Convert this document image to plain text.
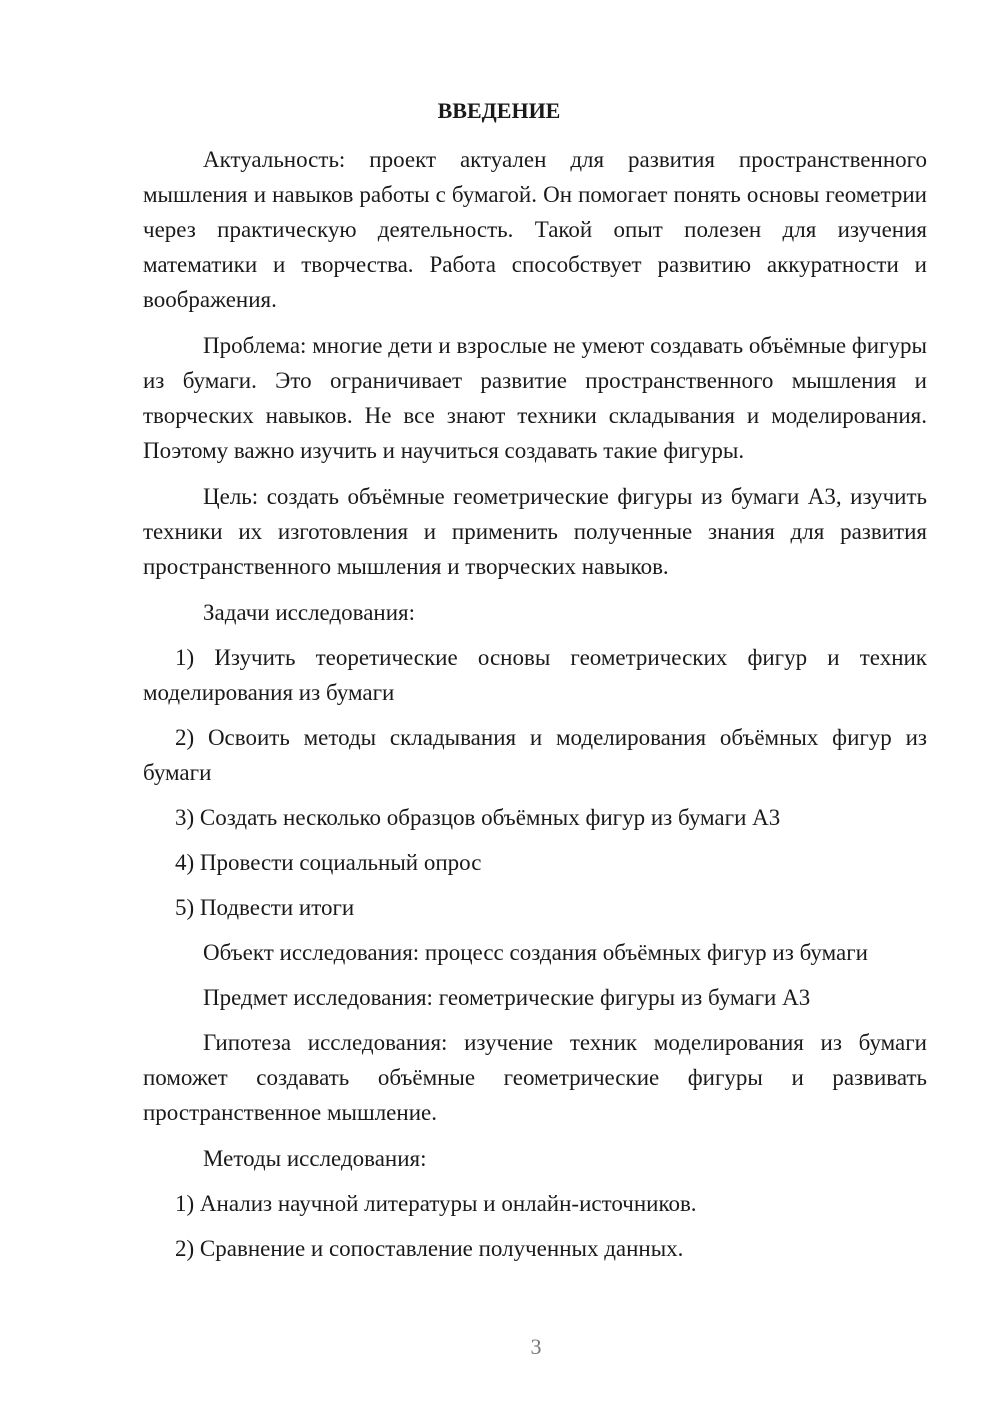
ВВЕДЕНИЕ

Актуальность: проект актуален для развития пространственного мышления и навыков работы с бумагой. Он помогает понять основы геометрии через практическую деятельность. Такой опыт полезен для изучения математики и творчества. Работа способствует развитию аккуратности и воображения.

Проблема: многие дети и взрослые не умеют создавать объёмные фигуры из бумаги. Это ограничивает развитие пространственного мышления и творческих навыков. Не все знают техники складывания и моделирования. Поэтому важно изучить и научиться создавать такие фигуры.

Цель: создать объёмные геометрические фигуры из бумаги А3, изучить техники их изготовления и применить полученные знания для развития пространственного мышления и творческих навыков.

Задачи исследования:

1) Изучить теоретические основы геометрических фигур и техник моделирования из бумаги

2) Освоить методы складывания и моделирования объёмных фигур из бумаги

3) Создать несколько образцов объёмных фигур из бумаги А3

4) Провести социальный опрос

5) Подвести итоги

Объект исследования: процесс создания объёмных фигур из бумаги

Предмет исследования: геометрические фигуры из бумаги А3

Гипотеза исследования: изучение техник моделирования из бумаги поможет создавать объёмные геометрические фигуры и развивать пространственное мышление.

Методы исследования:

1) Анализ научной литературы и онлайн-источников.

2) Сравнение и сопоставление полученных данных.

3
